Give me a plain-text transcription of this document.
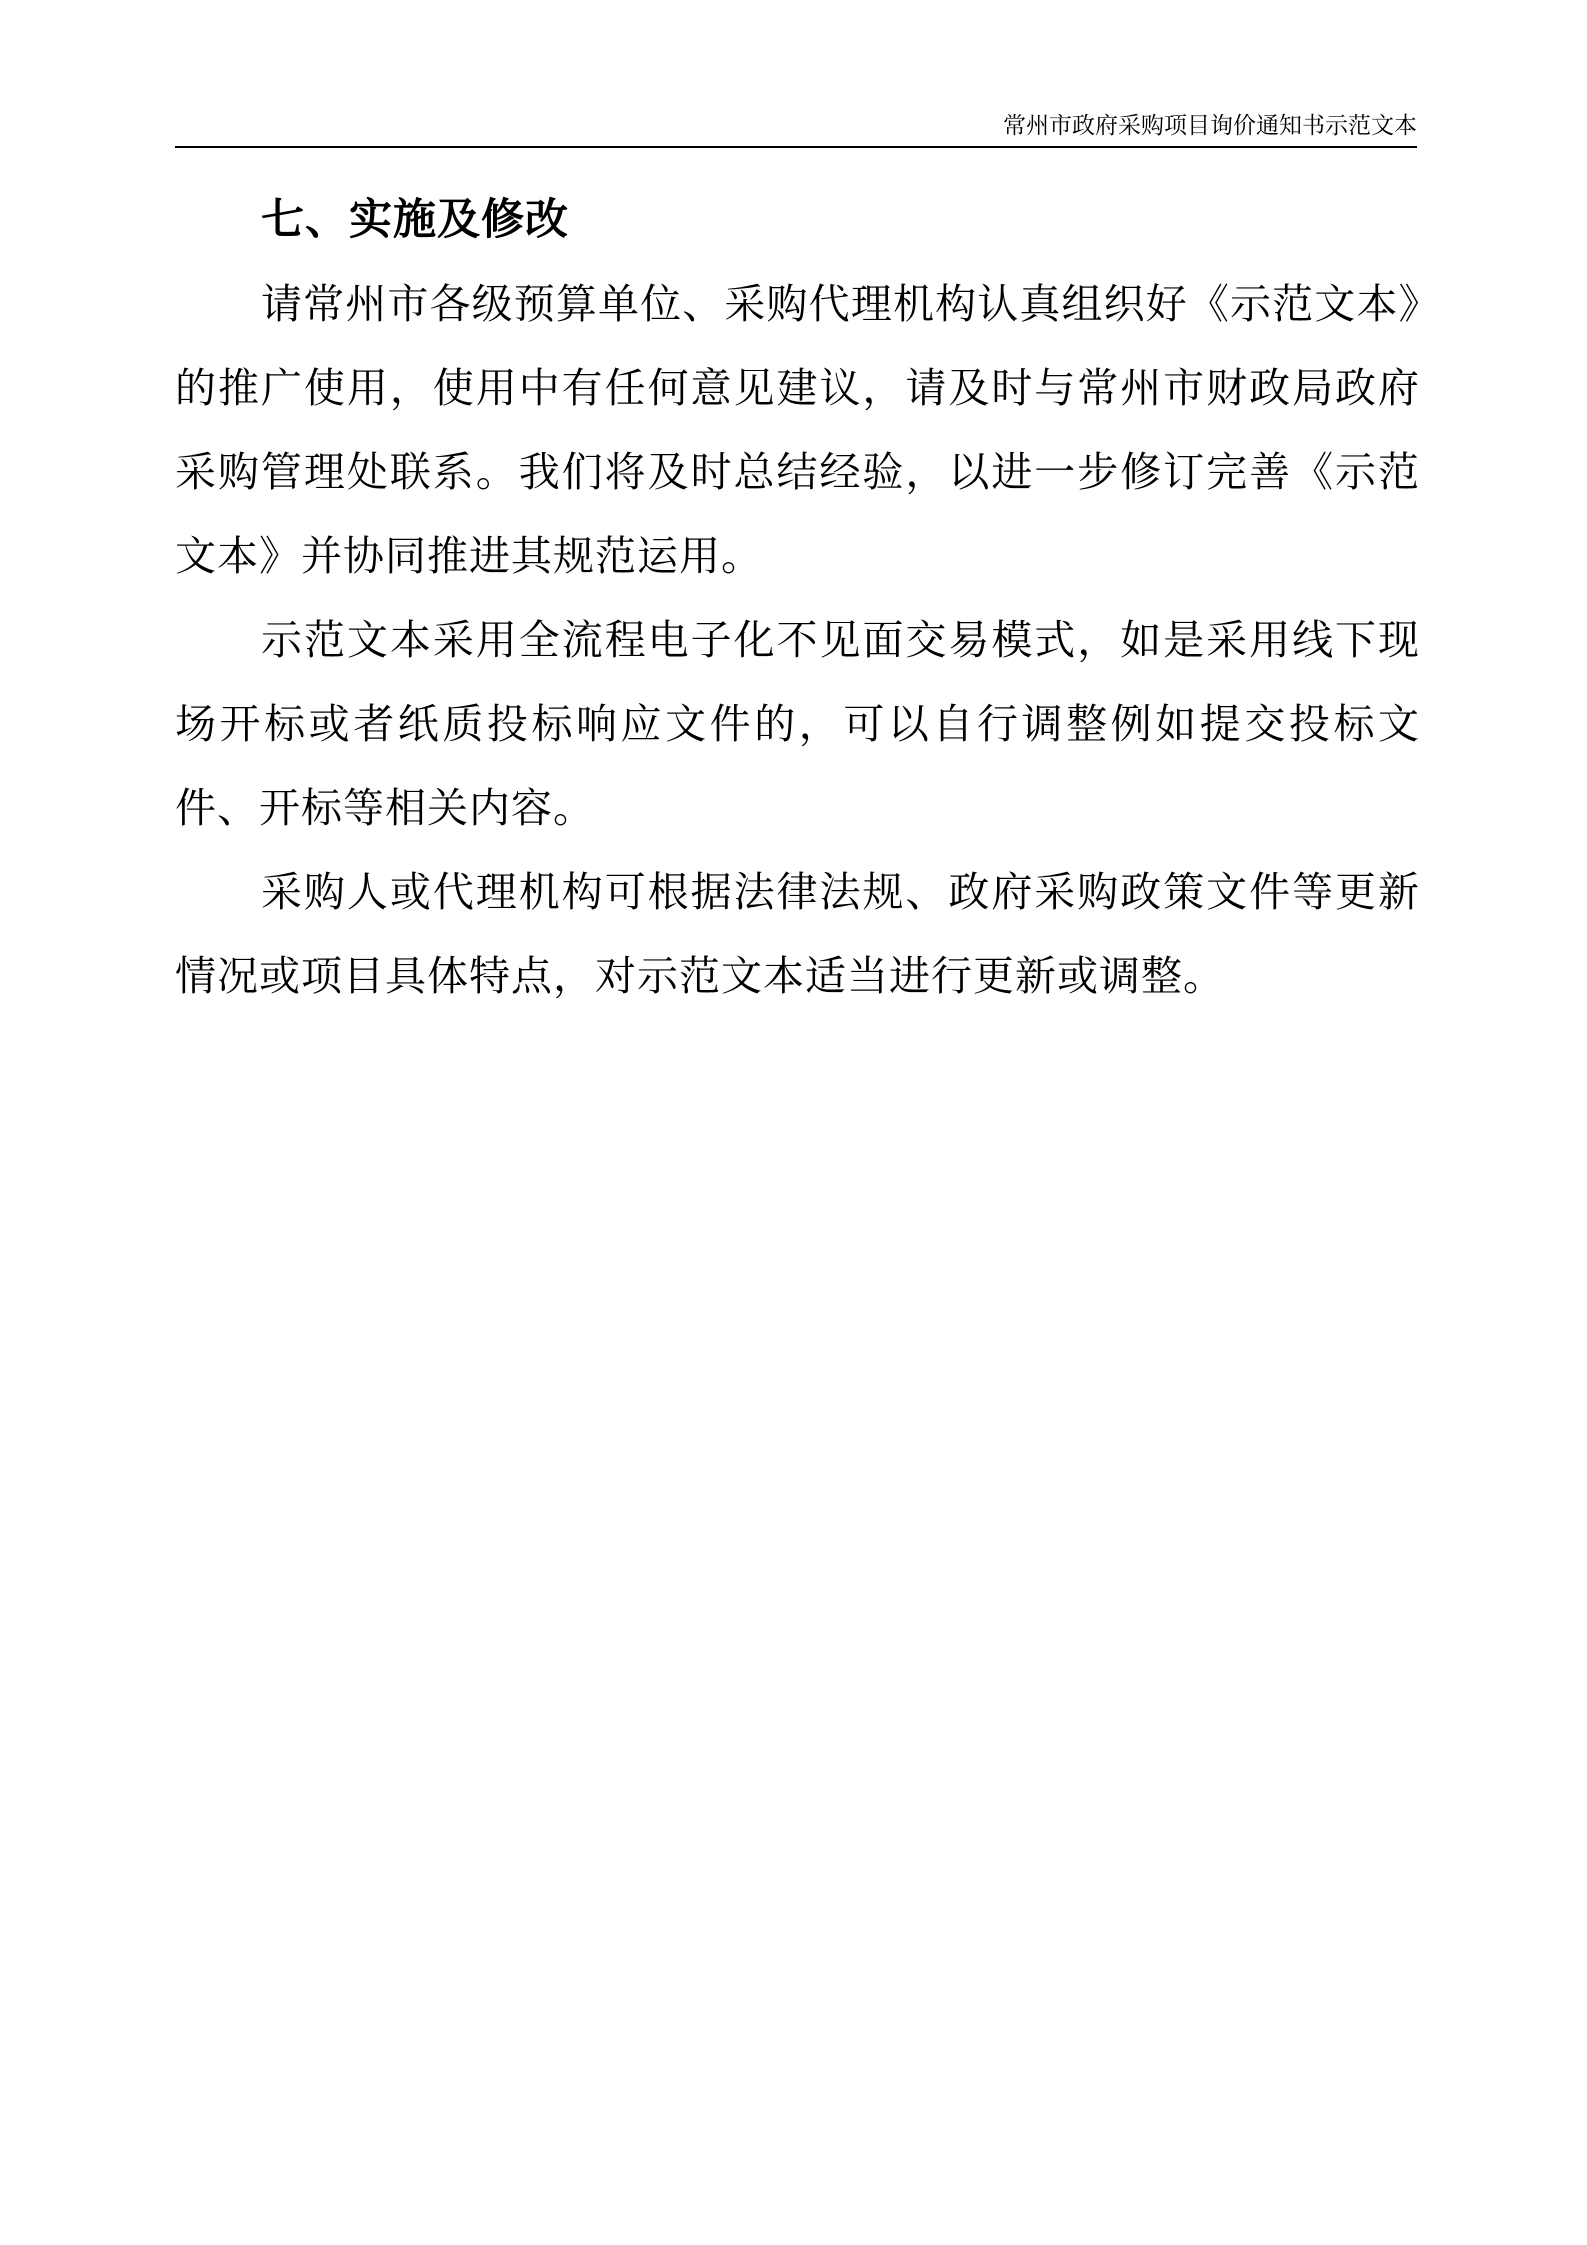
常州市政府采购项目询价通知书示范文本
七、实施及修改

请常州市各级预算单位、采购代理机构认真组织好《示范文本》的推广使用，使用中有任何意见建议，请及时与常州市财政局政府采购管理处联系。我们将及时总结经验，以进一步修订完善《示范文本》并协同推进其规范运用。

示范文本采用全流程电子化不见面交易模式，如是采用线下现场开标或者纸质投标响应文件的，可以自行调整例如提交投标文件、开标等相关内容。

采购人或代理机构可根据法律法规、政府采购政策文件等更新情况或项目具体特点，对示范文本适当进行更新或调整。
